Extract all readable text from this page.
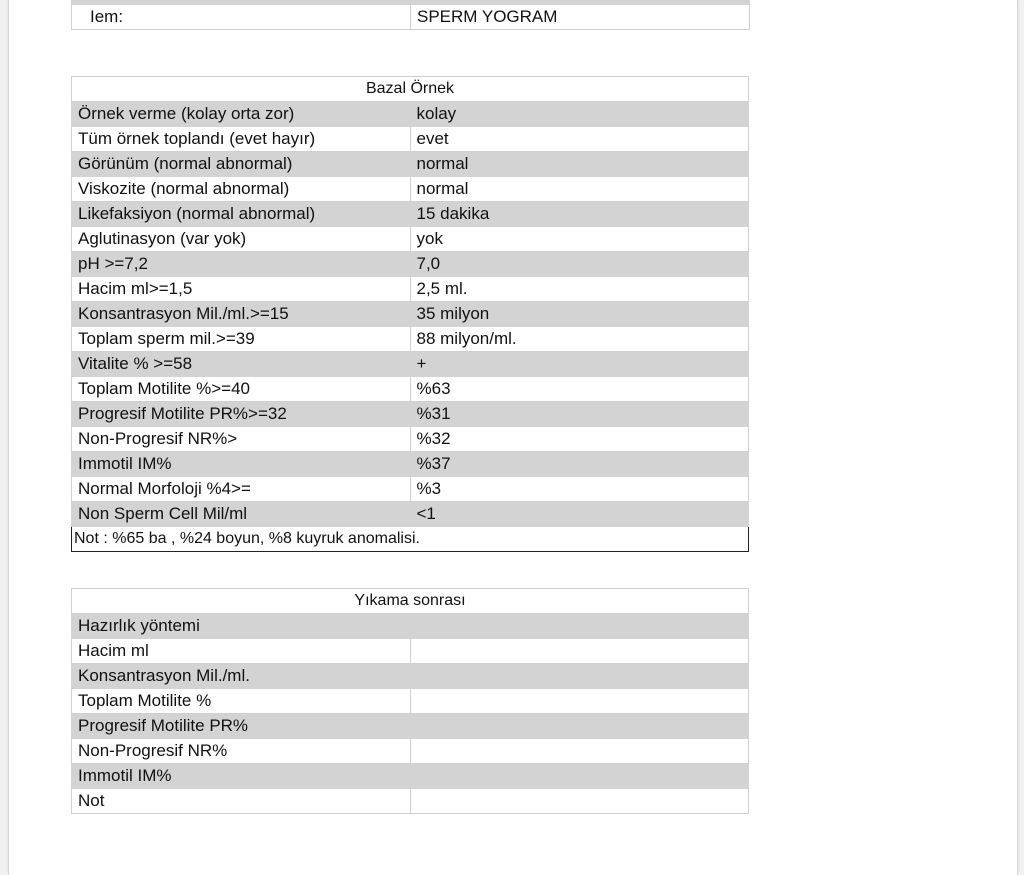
Iem:	SPERM YOGRAM
Bazal Örnek	
Örnek verme (kolay orta zor)	kolay
Tüm örnek toplandı (evet hayır)	evet
Görünüm (normal abnormal)	normal
Viskozite (normal abnormal)	normal
Likefaksiyon (normal abnormal)	15 dakika
Aglutinasyon (var yok)	yok
pH >=7,2	7,0
Hacim ml>=1,5	2,5 ml.
Konsantrasyon Mil./ml.>=15	35 milyon
Toplam sperm mil.>=39	88 milyon/ml.
Vitalite % >=58	+
Toplam Motilite %>=40	%63
Progresif Motilite PR%>=32	%31
Non-Progresif NR%>	%32
Immotil IM%	%37
Normal Morfoloji %4>=	%3
Non Sperm Cell Mil/ml	<1
Not : %65 ba , %24 boyun, %8 kuyruk anomalisi.	
Yıkama sonrası	
Hazırlık yöntemi	
Hacim ml	
Konsantrasyon Mil./ml.	
Toplam Motilite %	
Progresif Motilite PR%	
Non-Progresif NR%	
Immotil IM%	
Not	
